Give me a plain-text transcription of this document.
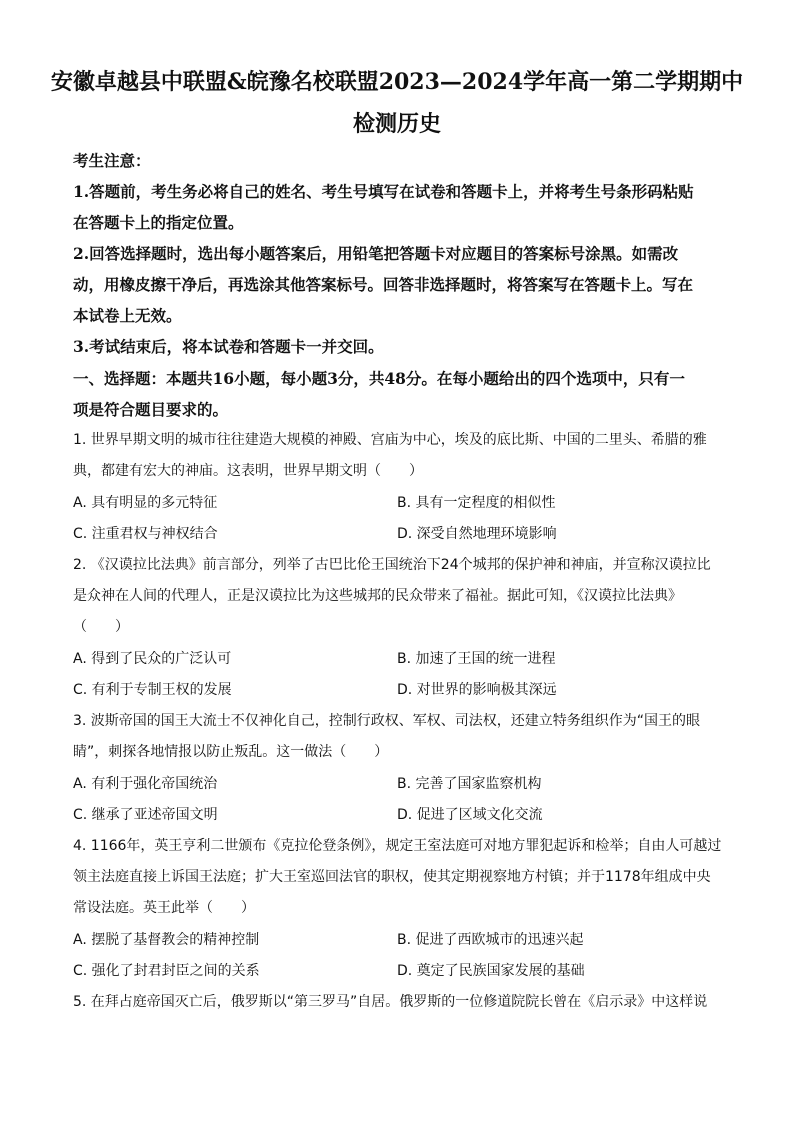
安徽卓越县中联盟&皖豫名校联盟2023—2024学年高一第二学期期中
检测历史
考生注意：
1.答题前，考生务必将自己的姓名、考生号填写在试卷和答题卡上，并将考生号条形码粘贴
在答题卡上的指定位置。
2.回答选择题时，选出每小题答案后，用铅笔把答题卡对应题目的答案标号涂黑。如需改
动，用橡皮擦干净后，再选涂其他答案标号。回答非选择题时，将答案写在答题卡上。写在
本试卷上无效。
3.考试结束后，将本试卷和答题卡一并交回。
一、选择题：本题共16小题，每小题3分，共48分。在每小题给出的四个选项中，只有一
项是符合题目要求的。
1. 世界早期文明的城市往往建造大规模的神殿、宫庙为中心，埃及的底比斯、中国的二里头、希腊的雅
典，都建有宏大的神庙。这表明，世界早期文明（　　）
A. 具有明显的多元特征	B. 具有一定程度的相似性
C. 注重君权与神权结合	D. 深受自然地理环境影响
2. 《汉谟拉比法典》前言部分，列举了古巴比伦王国统治下24个城邦的保护神和神庙，并宣称汉谟拉比
是众神在人间的代理人，正是汉谟拉比为这些城邦的民众带来了福祉。据此可知，《汉谟拉比法典》
（　　）
A. 得到了民众的广泛认可	B. 加速了王国的统一进程
C. 有利于专制王权的发展	D. 对世界的影响极其深远
3. 波斯帝国的国王大流士不仅神化自己，控制行政权、军权、司法权，还建立特务组织作为“国王的眼
睛”，刺探各地情报以防止叛乱。这一做法（　　）
A. 有利于强化帝国统治	B. 完善了国家监察机构
C. 继承了亚述帝国文明	D. 促进了区域文化交流
4. 1166年，英王亨利二世颁布《克拉伦登条例》，规定王室法庭可对地方罪犯起诉和检举；自由人可越过
领主法庭直接上诉国王法庭；扩大王室巡回法官的职权，使其定期视察地方村镇；并于1178年组成中央
常设法庭。英王此举（　　）
A. 摆脱了基督教会的精神控制	B. 促进了西欧城市的迅速兴起
C. 强化了封君封臣之间的关系	D. 奠定了民族国家发展的基础
5. 在拜占庭帝国灭亡后，俄罗斯以“第三罗马”自居。俄罗斯的一位修道院院长曾在《启示录》中这样说
